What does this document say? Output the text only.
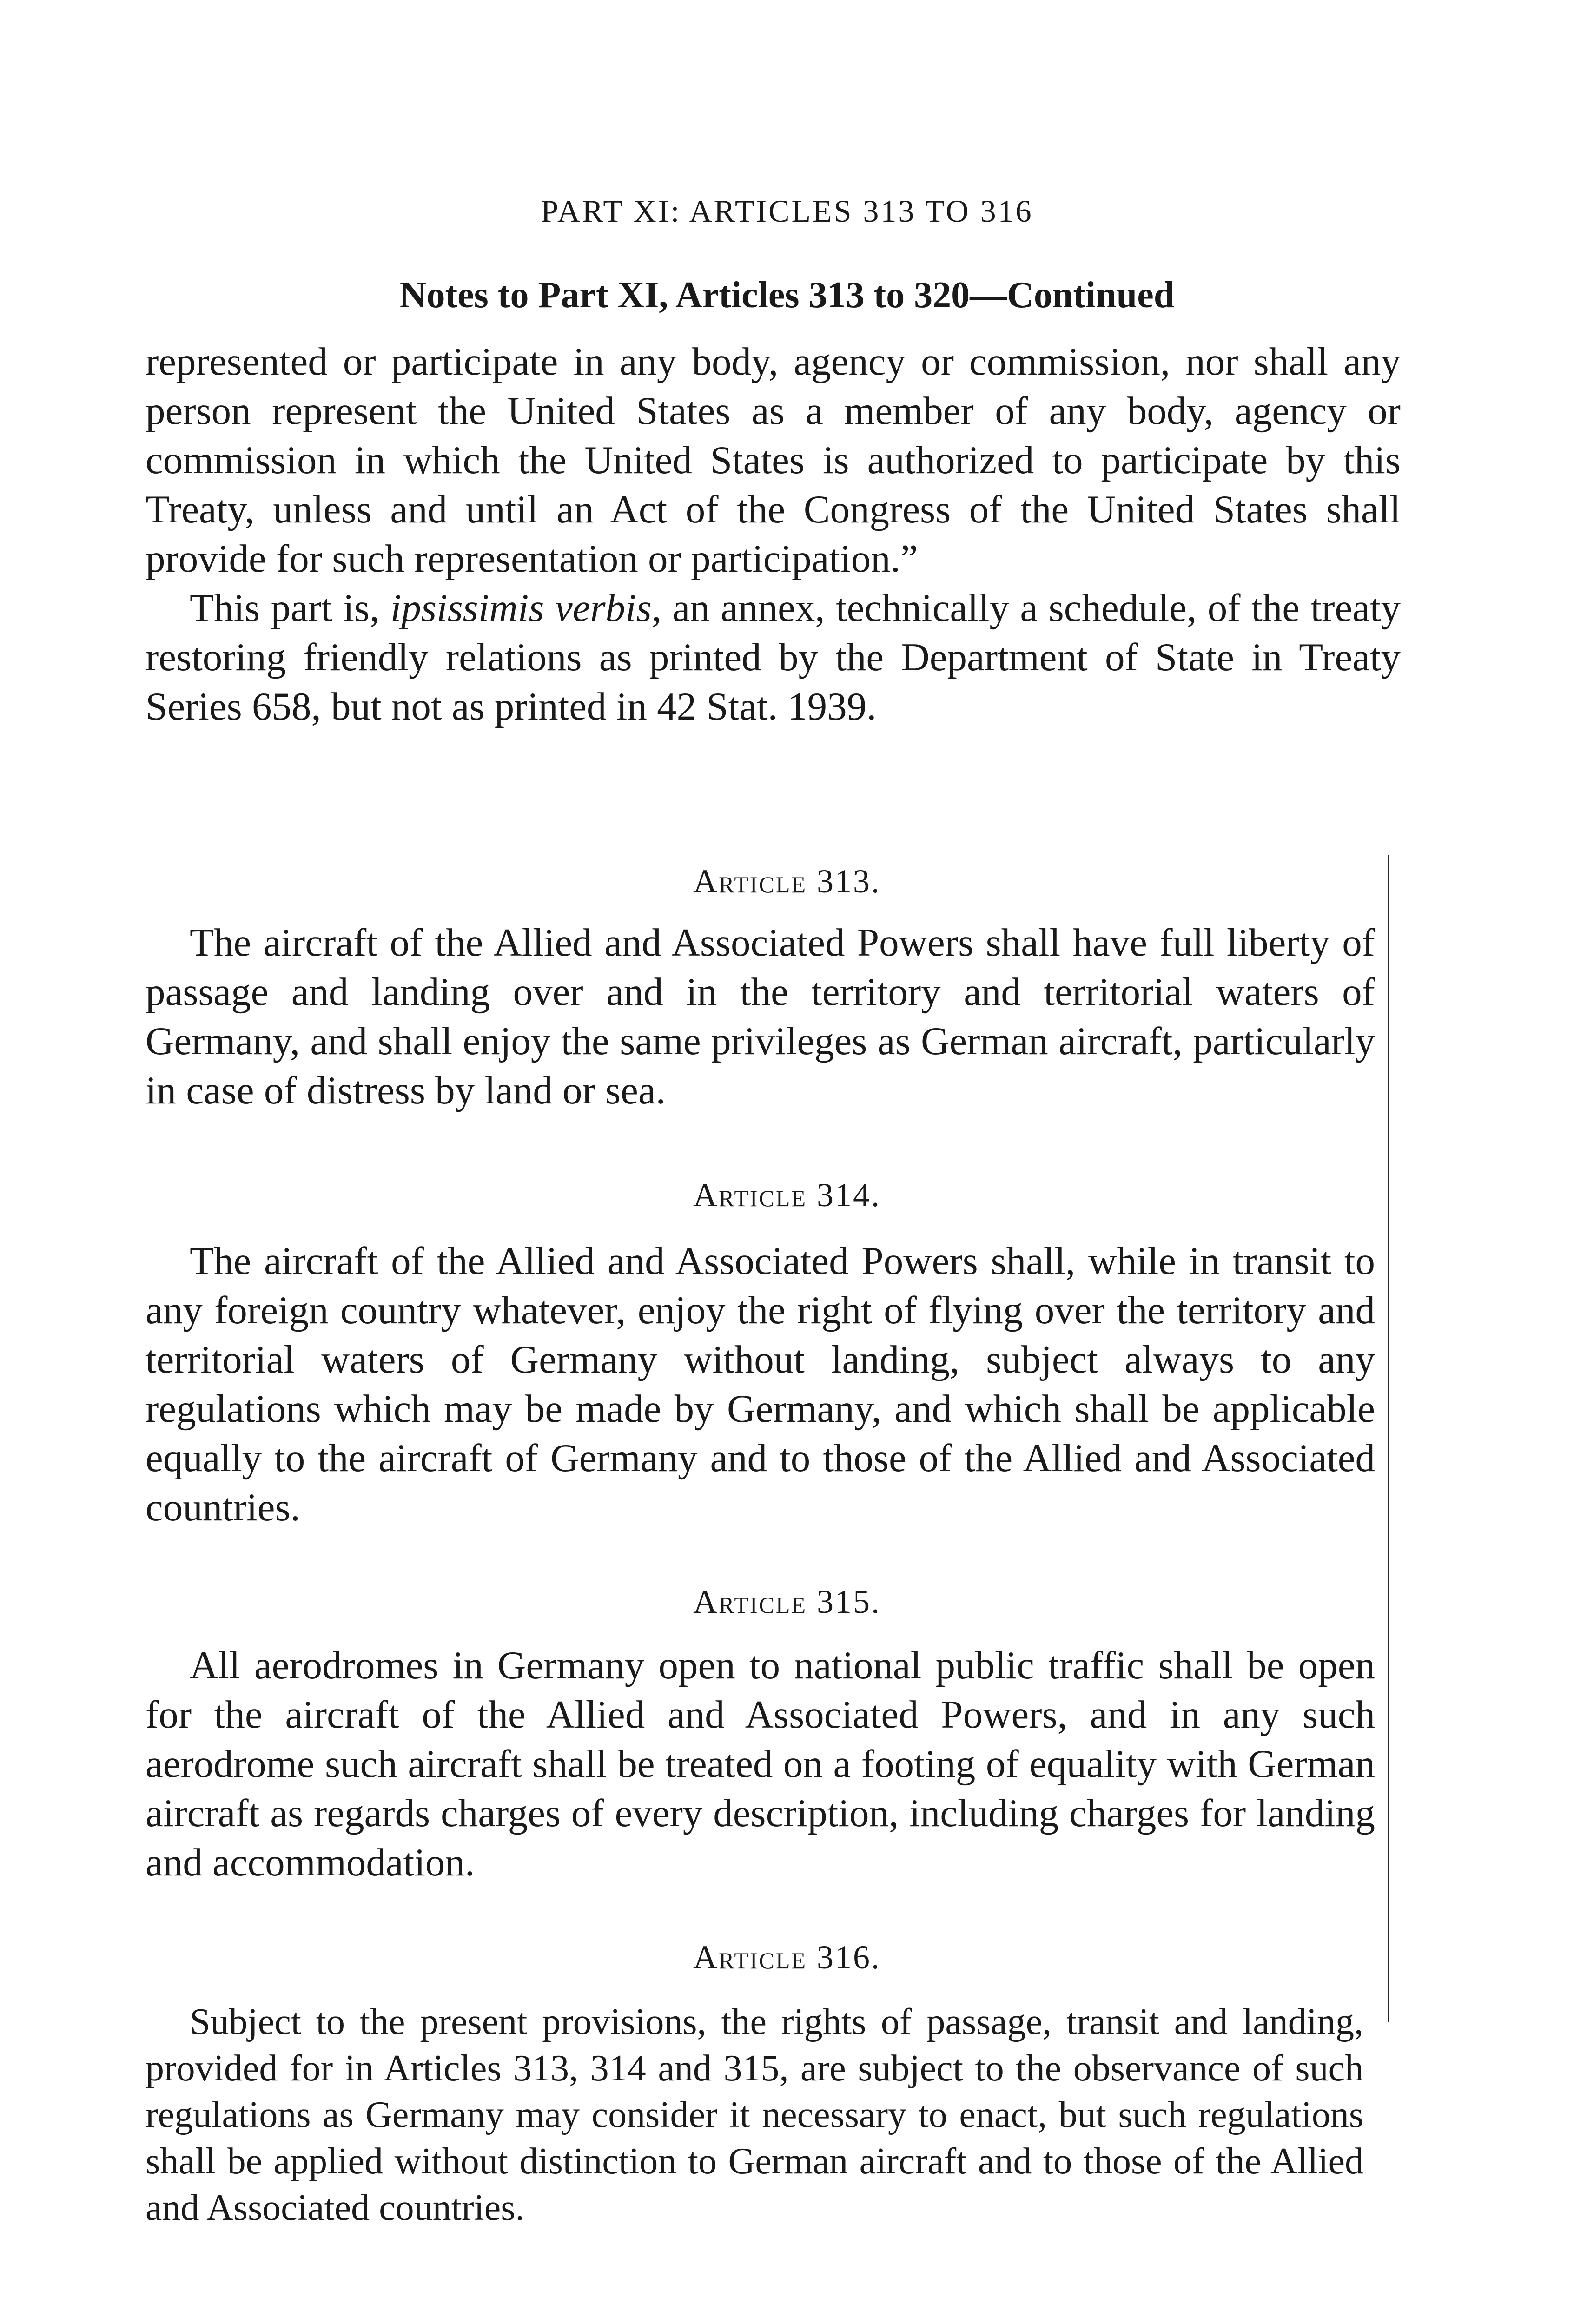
PART XI: ARTICLES 313 TO 316

Notes to Part XI, Articles 313 to 320—Continued

represented or participate in any body, agency or commission, nor shall any person represent the United States as a member of any body, agency or commission in which the United States is authorized to participate by this Treaty, unless and until an Act of the Congress of the United States shall provide for such representation or participation.”

This part is, ipsissimis verbis, an annex, technically a schedule, of the treaty restoring friendly relations as printed by the Department of State in Treaty Series 658, but not as printed in 42 Stat. 1939.

Article 313.

The aircraft of the Allied and Associated Powers shall have full liberty of passage and landing over and in the territory and territorial waters of Germany, and shall enjoy the same privileges as German aircraft, particularly in case of distress by land or sea.

Article 314.

The aircraft of the Allied and Associated Powers shall, while in transit to any foreign country whatever, enjoy the right of flying over the territory and territorial waters of Germany without landing, subject always to any regulations which may be made by Germany, and which shall be applicable equally to the aircraft of Germany and to those of the Allied and Associated countries.

Article 315.

All aerodromes in Germany open to national public traffic shall be open for the aircraft of the Allied and Associated Powers, and in any such aerodrome such aircraft shall be treated on a footing of equality with German aircraft as regards charges of every description, including charges for landing and accommodation.

Article 316.

Subject to the present provisions, the rights of passage, transit and landing, provided for in Articles 313, 314 and 315, are subject to the observance of such regulations as Germany may consider it necessary to enact, but such regulations shall be applied without distinction to German aircraft and to those of the Allied and Associated countries.
